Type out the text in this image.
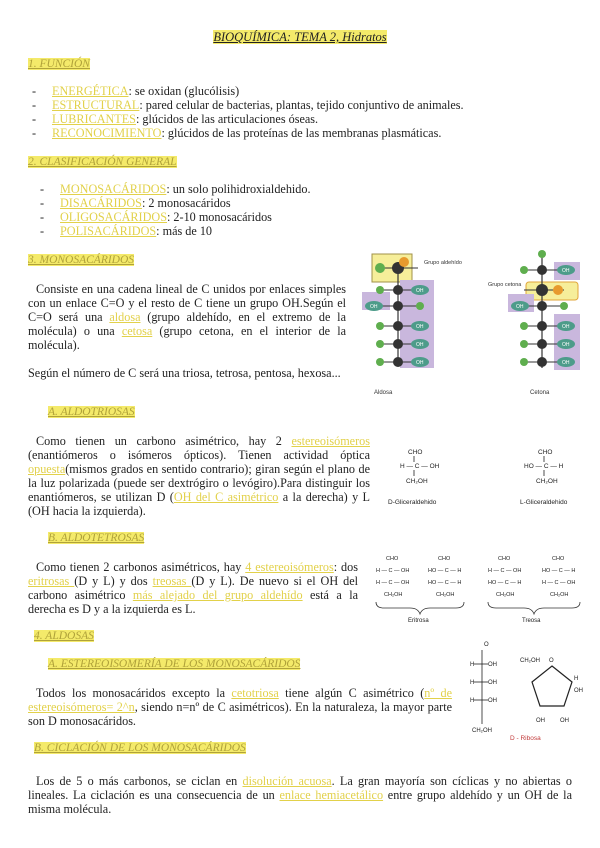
BIOQUÍMICA: TEMA 2, Hidratos
1. FUNCIÓN
- ENERGÉTICA: se oxidan (glucólisis)
- ESTRUCTURAL: pared celular de bacterias, plantas, tejido conjuntivo de animales.
- LUBRICANTES: glúcidos de las articulaciones óseas.
- RECONOCIMIENTO: glúcidos de las proteínas de las membranas plasmáticas.
2. CLASIFICACIÓN GENERAL
- MONOSACÁRIDOS: un solo polihidroxialdehido.
- DISACÁRIDOS: 2 monosacáridos
- OLIGOSACÁRIDOS: 2-10 monosacáridos
- POLISACÁRIDOS: más de 10
3. MONOSACÁRIDOS
Consiste en una cadena lineal de C unidos por enlaces simples con un enlace C=O y el resto de C tiene un grupo OH.Según el C=O será una aldosa (grupo aldehído, en el extremo de la molécula) o una cetosa (grupo cetona, en el interior de la molécula).
Según el número de C será una triosa, tetrosa, pentosa, hexosa...
OH
OH
OH
OH
OH
Grupo aldehído
Aldosa
OH
OH
OH
OH
OH
Grupo cetona
Cetona
A. ALDOTRIOSAS
Como tienen un carbono asimétrico, hay 2 estereoisómeros (enantiómeros o isómeros ópticos). Tienen actividad óptica opuesta(mismos grados en sentido contrario); giran según el plano de la luz polarizada (puede ser dextrógiro o levógiro).Para distinguir los enantiómeros, se utilizan D (OH del C asimétrico a la derecha) y L (OH hacia la izquierda).
CHO
H — C — OH
CH₂OH
D-Gliceraldehido
CHO
HO — C — H
CH₂OH
L-Gliceraldehido
B. ALDOTETROSAS
Como tienen 2 carbonos asimétricos, hay 4 estereoisómeros: dos eritrosas (D y L) y dos treosas (D y L). De nuevo si el OH del carbono asimétrico más alejado del grupo aldehído está a la derecha es D y a la izquierda es L.
CHO
H — C — OH
H — C — OH
CH₂OH
CHO
HO — C — H
HO — C — H
CH₂OH
Eritrosa
CHO
H — C — OH
HO — C — H
CH₂OH
CHO
HO — C — H
H — C — OH
CH₂OH
Treosa
4. ALDOSAS
A. ESTEREOISOMERÍA DE LOS MONOSACÁRIDOS
Todos los monosacáridos excepto la cetotriosa tiene algún C asimétrico (nº de estereoisómeros= 2^n, siendo n=nº de C asimétricos). En la naturaleza, la mayor parte son D monosacáridos.
O
H OH
H OH
H OH
CH₂OH
O
CH₂OH
H
OH
OH	OH
D - Ribosa
B. CICLACIÓN DE LOS MONOSACÁRIDOS
Los de 5 o más carbonos, se ciclan en disolución acuosa. La gran mayoría son cíclicas y no abiertas o lineales. La ciclación es una consecuencia de un enlace hemiacetálico entre grupo aldehído y un OH de la misma molécula.
